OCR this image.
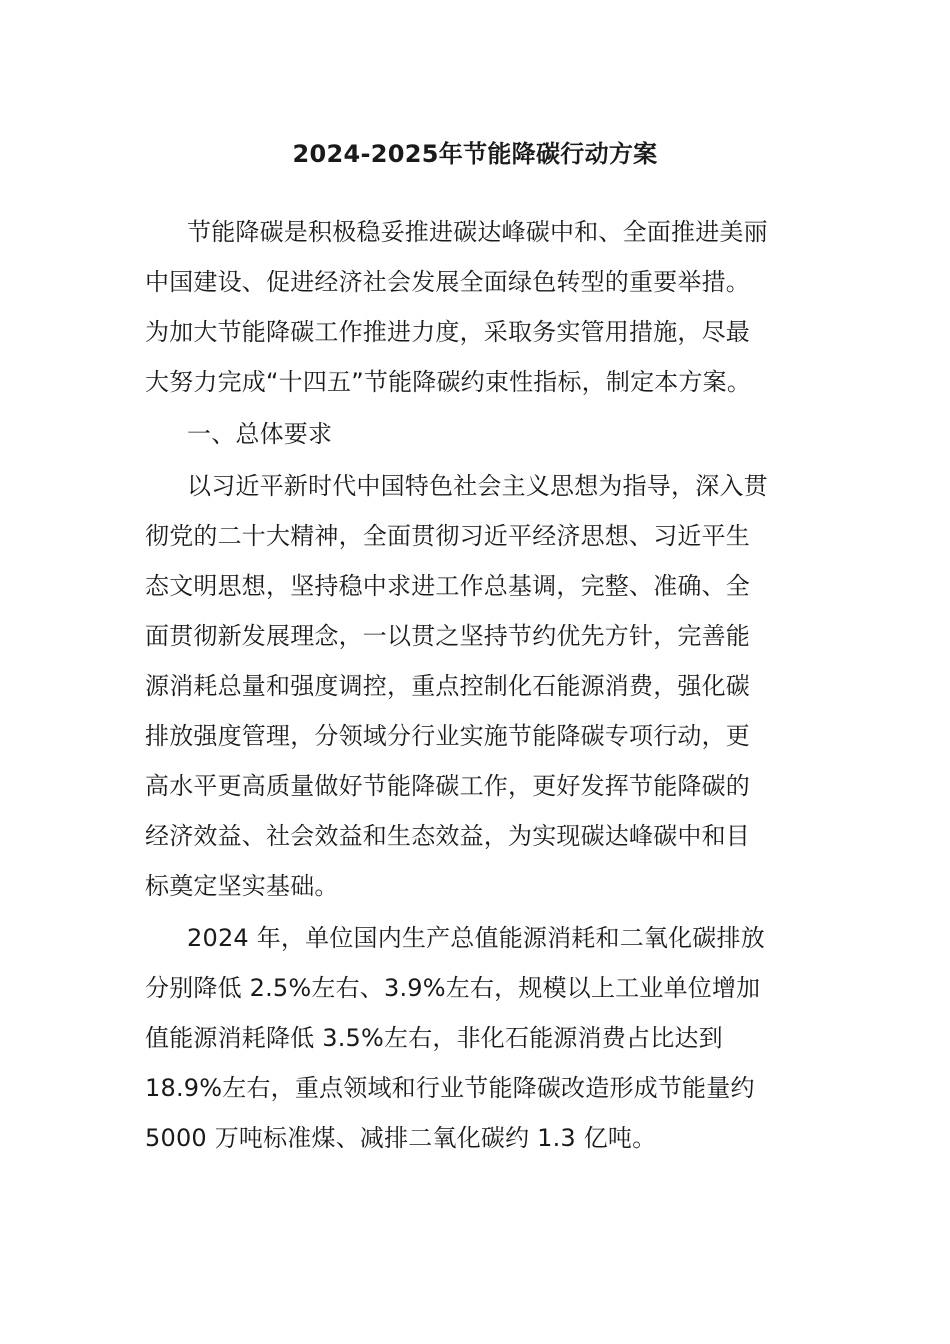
2024-2025年节能降碳行动方案
节能降碳是积极稳妥推进碳达峰碳中和、全面推进美丽
中国建设、促进经济社会发展全面绿色转型的重要举措。
为加大节能降碳工作推进力度，采取务实管用措施，尽最
大努力完成“十四五”节能降碳约束性指标，制定本方案。
一、总体要求
以习近平新时代中国特色社会主义思想为指导，深入贯
彻党的二十大精神，全面贯彻习近平经济思想、习近平生
态文明思想，坚持稳中求进工作总基调，完整、准确、全
面贯彻新发展理念，一以贯之坚持节约优先方针，完善能
源消耗总量和强度调控，重点控制化石能源消费，强化碳
排放强度管理，分领域分行业实施节能降碳专项行动，更
高水平更高质量做好节能降碳工作，更好发挥节能降碳的
经济效益、社会效益和生态效益，为实现碳达峰碳中和目
标奠定坚实基础。
2024 年，单位国内生产总值能源消耗和二氧化碳排放
分别降低 2.5%左右、3.9%左右，规模以上工业单位增加
值能源消耗降低 3.5%左右，非化石能源消费占比达到
18.9%左右，重点领域和行业节能降碳改造形成节能量约
5000 万吨标准煤、减排二氧化碳约 1.3 亿吨。
